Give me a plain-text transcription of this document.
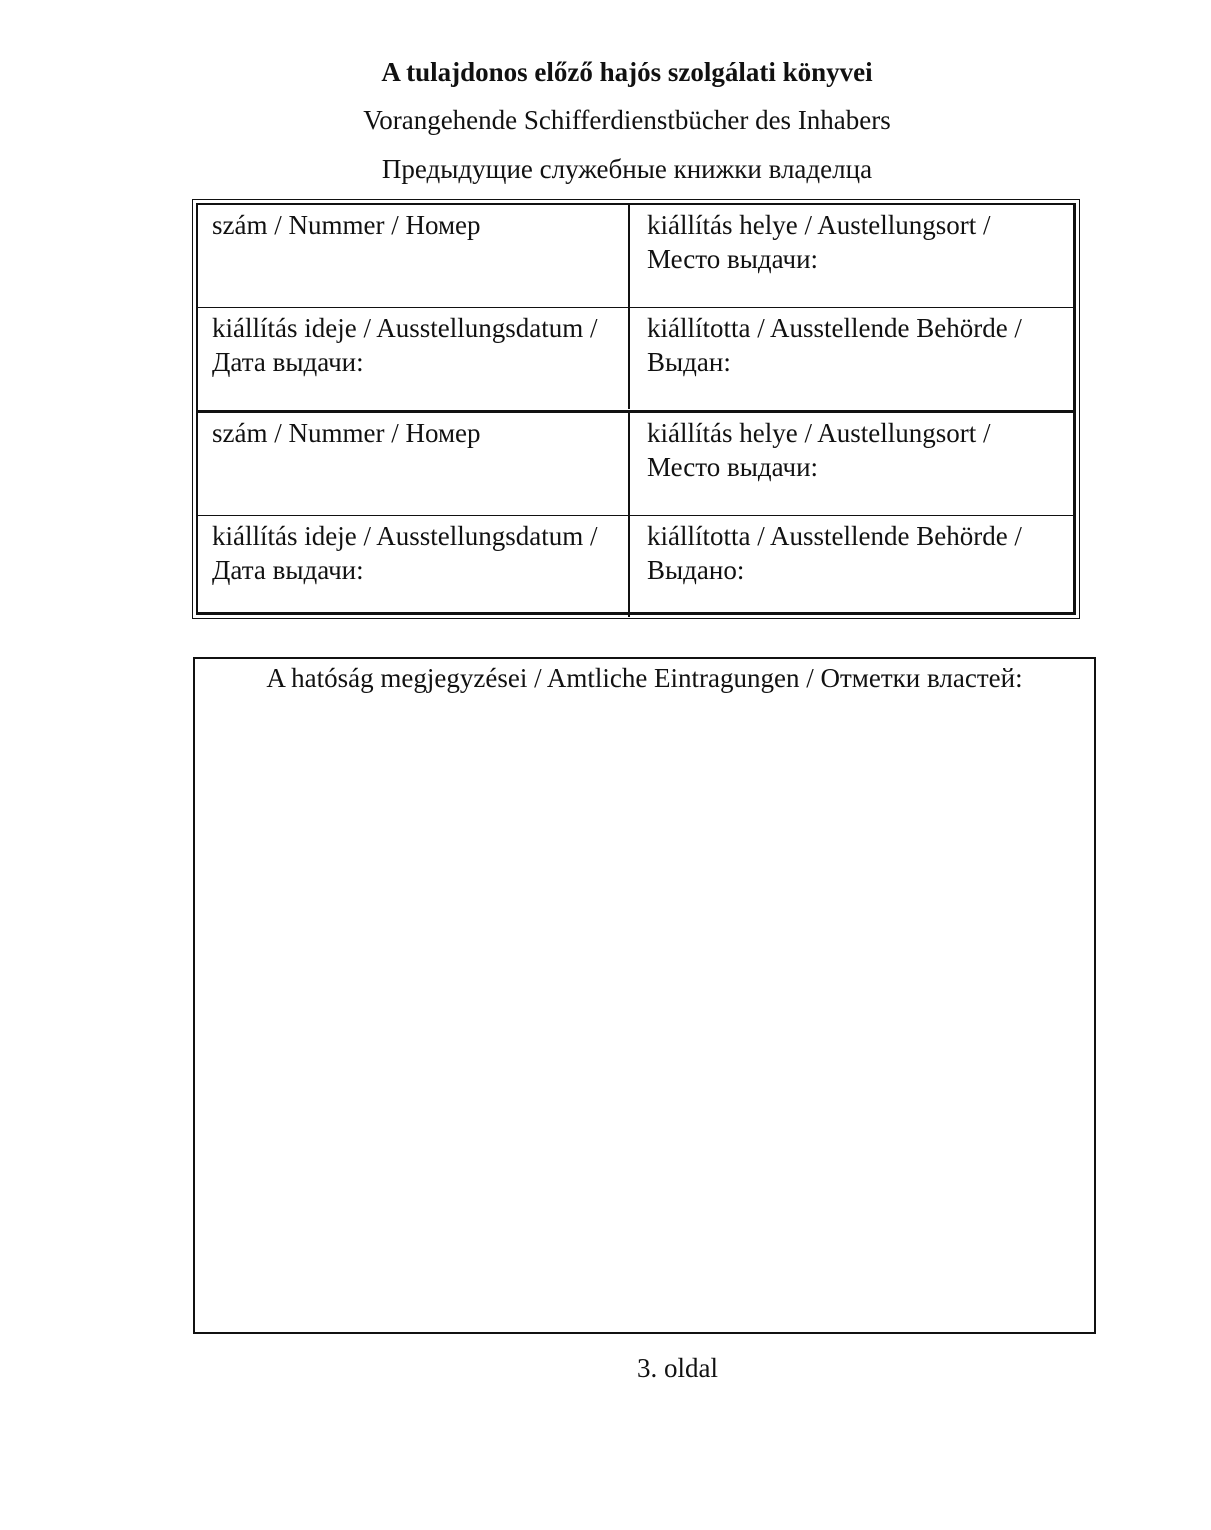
A tulajdonos előző hajós szolgálati könyvei
Vorangehende Schifferdienstbücher des Inhabers
Предыдущие служебные книжки владелца
szám / Nummer / Номер	kiállítás helye / Austellungsort / Место выдачи:
kiállítás ideje / Ausstellungsdatum / Дата выдачи:
kiállította / Ausstellende Behörde / Выдан:
szám / Nummer / Номер	kiállítás helye / Austellungsort / Место выдачи:
kiállítás ideje / Ausstellungsdatum / Дата выдачи:
kiállította / Ausstellende Behörde / Выдано:
A hatóság megjegyzései / Amtliche Eintragungen / Отметки властей:
3. oldal
